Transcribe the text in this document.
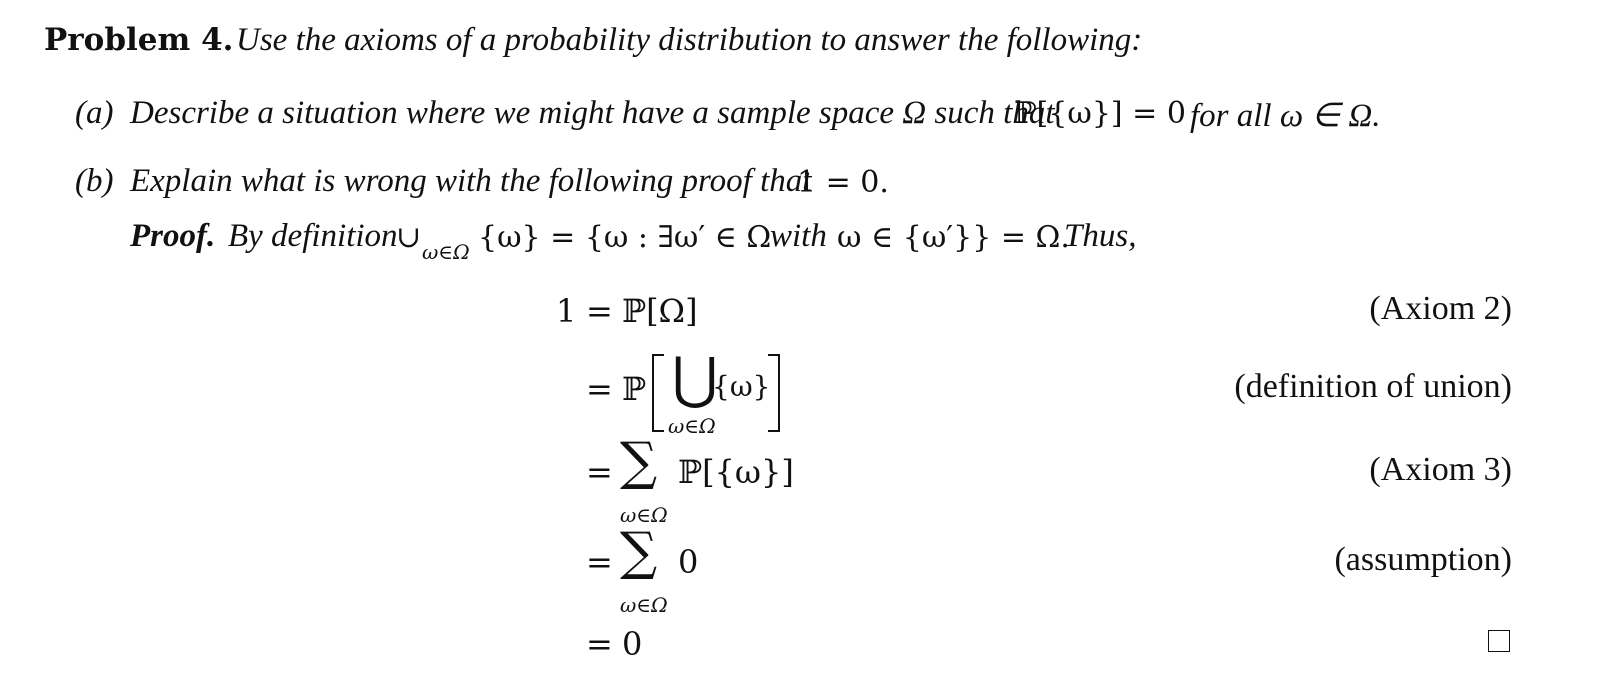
Problem 4. Use the axioms of a probability distribution to answer the following:
(a) Describe a situation where we might have a sample space Ω such that
ℙ[{ω}] = 0 for all ω ∈ Ω.
(b) Explain what is wrong with the following proof that
1 = 0.
Proof. By definition
∪ ω∈Ω {ω} = {ω : ∃ω′ ∈ Ω
with ω ∈ {ω′}} = Ω.
Thus,
1 = ℙ[Ω]	(Axiom 2)
= ℙ ⋃
ω∈Ω
{ω}	(definition of union)
= ∑
ω∈Ω
ℙ[{ω}]	(Axiom 3)
= ∑
ω∈Ω
0	(assumption)
= 0
